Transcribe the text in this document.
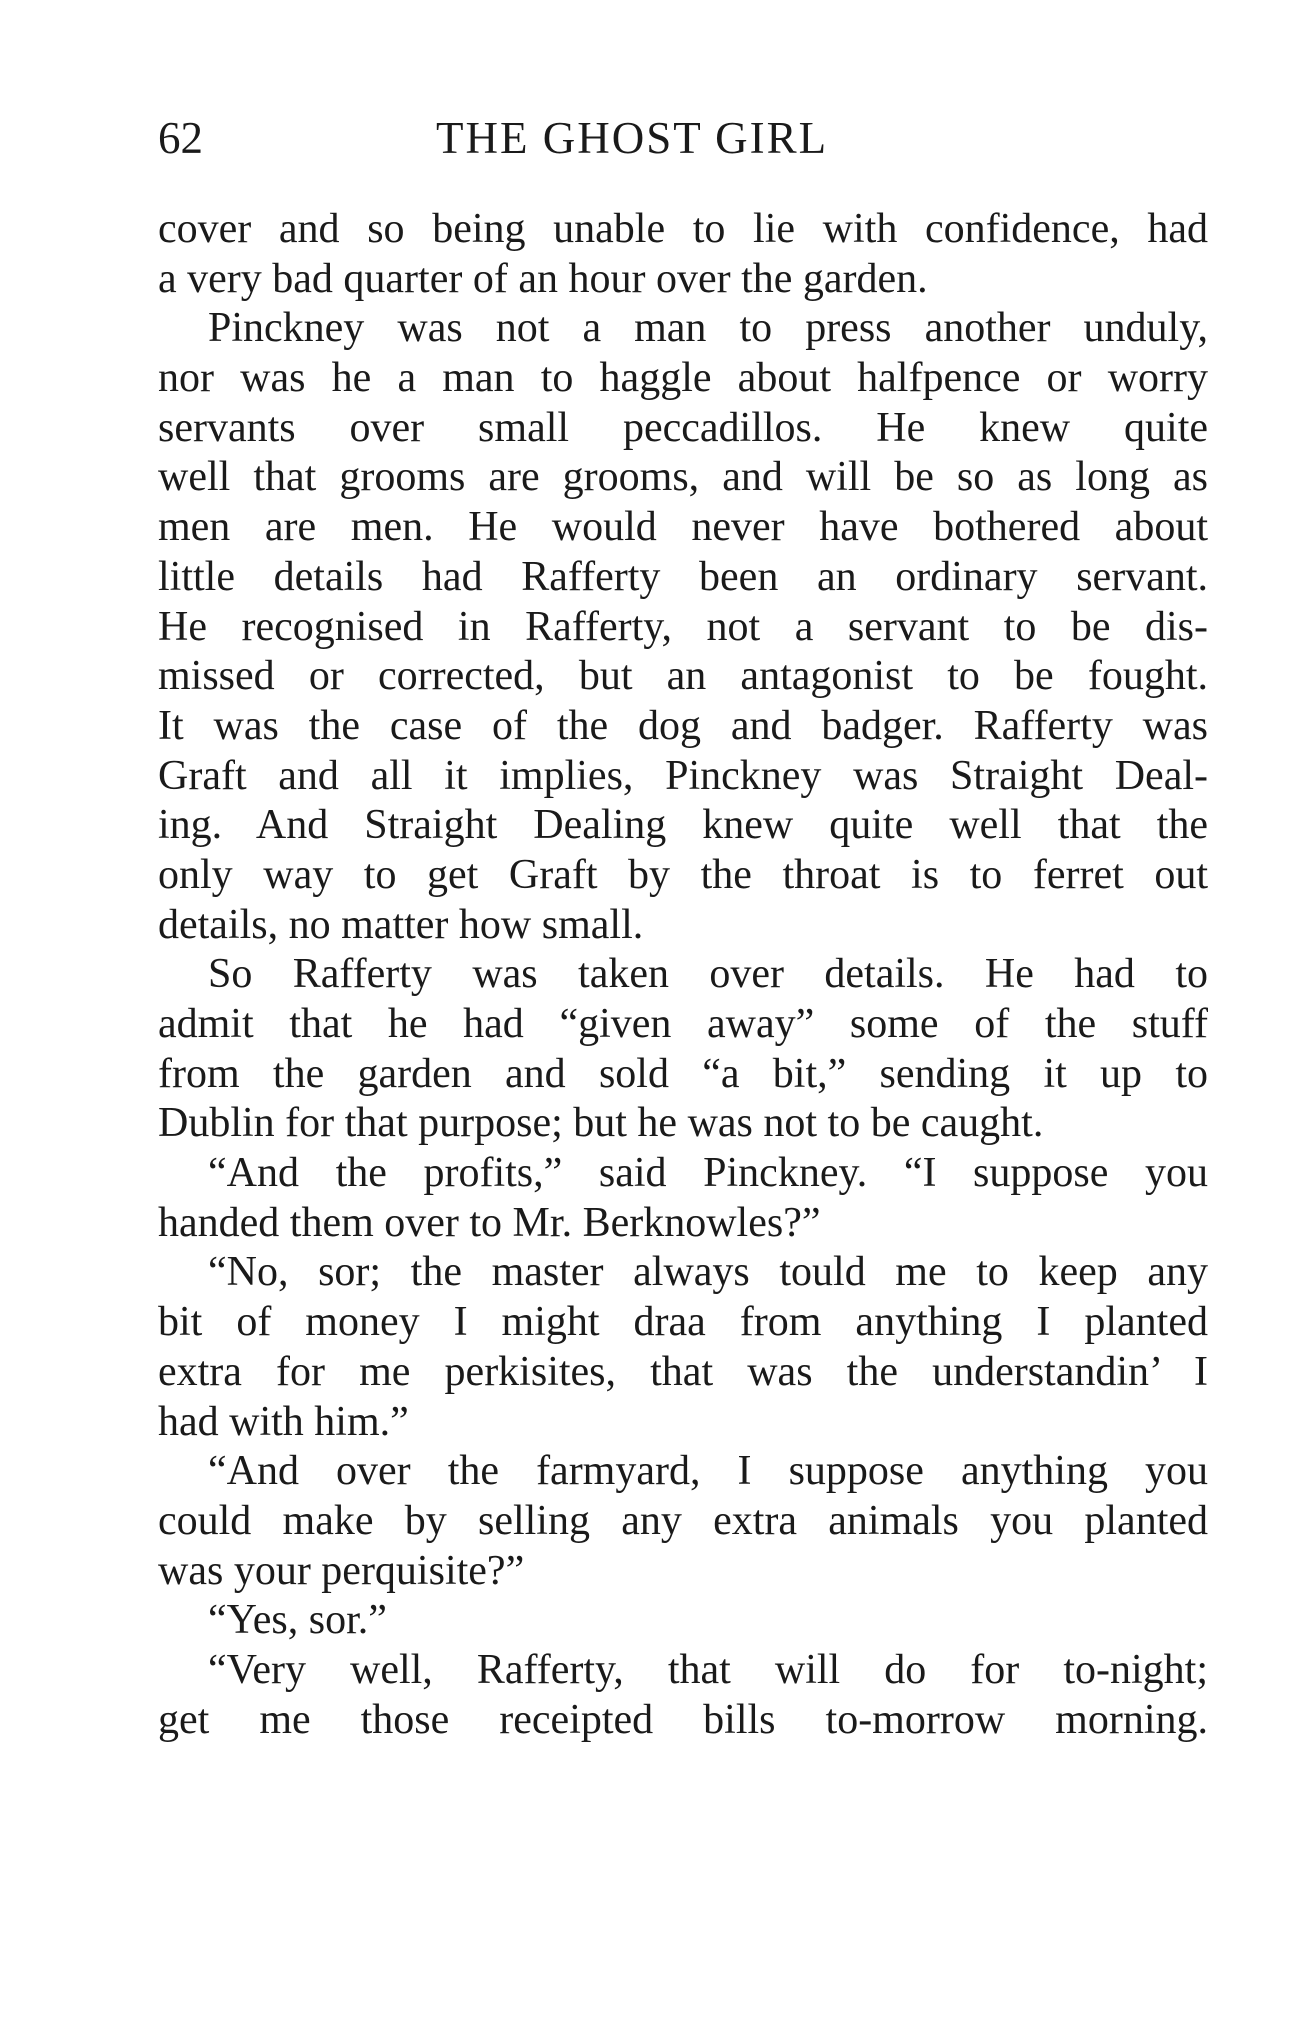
62	THE GHOST GIRL
cover and so being unable to lie with confidence, had
a very bad quarter of an hour over the garden.
Pinckney was not a man to press another unduly,
nor was he a man to haggle about halfpence or worry
servants over small peccadillos. He knew quite
well that grooms are grooms, and will be so as long as
men are men. He would never have bothered about
little details had Rafferty been an ordinary servant.
He recognised in Rafferty, not a servant to be dis-
missed or corrected, but an antagonist to be fought.
It was the case of the dog and badger. Rafferty was
Graft and all it implies, Pinckney was Straight Deal-
ing. And Straight Dealing knew quite well that the
only way to get Graft by the throat is to ferret out
details, no matter how small.
So Rafferty was taken over details. He had to
admit that he had “given away” some of the stuff
from the garden and sold “a bit,” sending it up to
Dublin for that purpose; but he was not to be caught.
“And the profits,” said Pinckney. “I suppose you
handed them over to Mr. Berknowles?”
“No, sor; the master always tould me to keep any
bit of money I might draa from anything I planted
extra for me perkisites, that was the understandin’ I
had with him.”
“And over the farmyard, I suppose anything you
could make by selling any extra animals you planted
was your perquisite?”
“Yes, sor.”
“Very well, Rafferty, that will do for to-night;
get me those receipted bills to-morrow morning.
